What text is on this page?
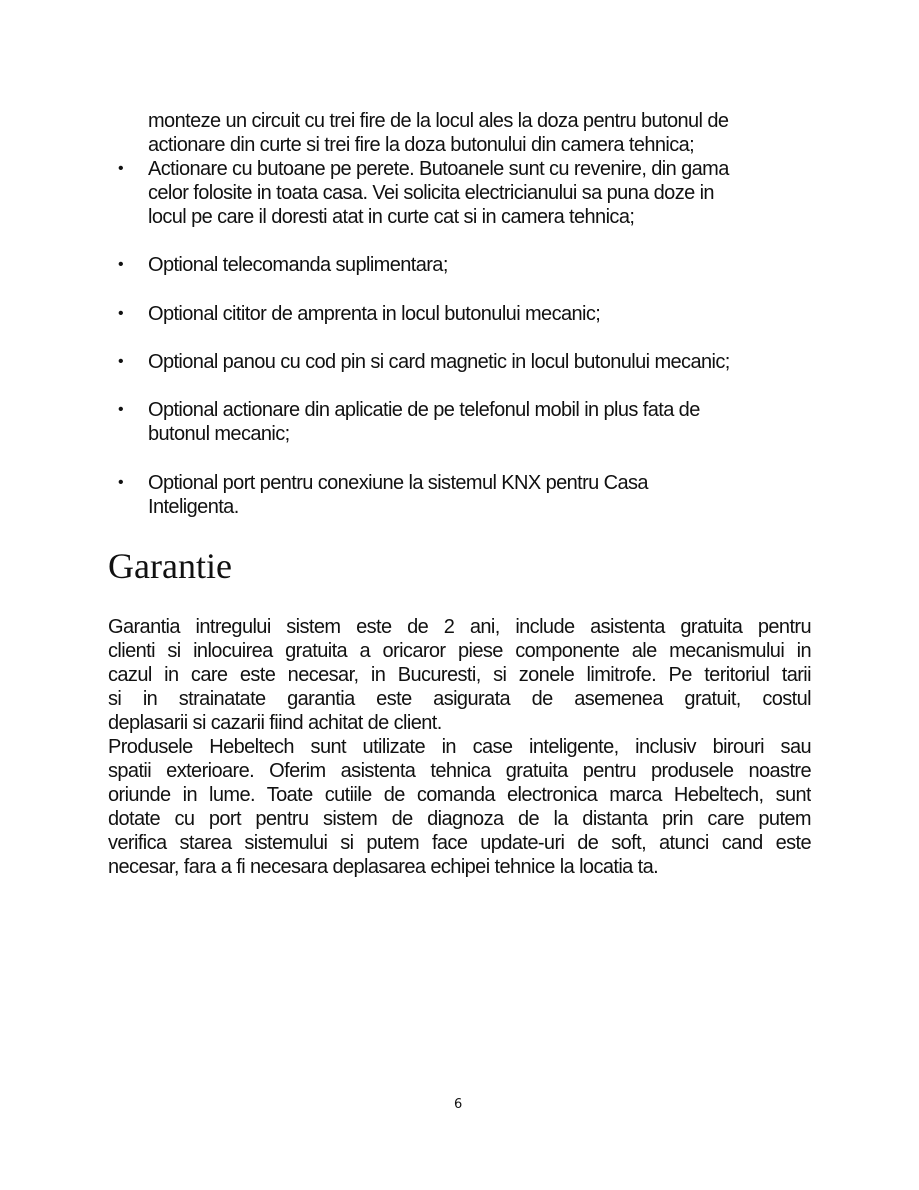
monteze un circuit cu trei fire de la locul ales la doza pentru butonul de
actionare din curte si trei fire la doza butonului din camera tehnica;
• Actionare cu butoane pe perete. Butoanele sunt cu revenire, din gama
celor folosite in toata casa. Vei solicita electricianului sa puna doze in
locul pe care il doresti atat in curte cat si in camera tehnica;
• Optional telecomanda suplimentara;
• Optional cititor de amprenta in locul butonului mecanic;
• Optional panou cu cod pin si card magnetic in locul butonului mecanic;
• Optional actionare din aplicatie de pe telefonul mobil in plus fata de
butonul mecanic;
• Optional port pentru conexiune la sistemul KNX pentru Casa
Inteligenta.
Garantie
Garantia intregului sistem este de 2 ani, include asistenta gratuita pentru
clienti si inlocuirea gratuita a oricaror piese componente ale mecanismului in
cazul in care este necesar, in Bucuresti, si zonele limitrofe. Pe teritoriul tarii
si in strainatate garantia este asigurata de asemenea gratuit, costul
deplasarii si cazarii fiind achitat de client.
Produsele Hebeltech sunt utilizate in case inteligente, inclusiv birouri sau
spatii exterioare. Oferim asistenta tehnica gratuita pentru produsele noastre
oriunde in lume. Toate cutiile de comanda electronica marca Hebeltech, sunt
dotate cu port pentru sistem de diagnoza de la distanta prin care putem
verifica starea sistemului si putem face update-uri de soft, atunci cand este
necesar, fara a fi necesara deplasarea echipei tehnice la locatia ta.
6
